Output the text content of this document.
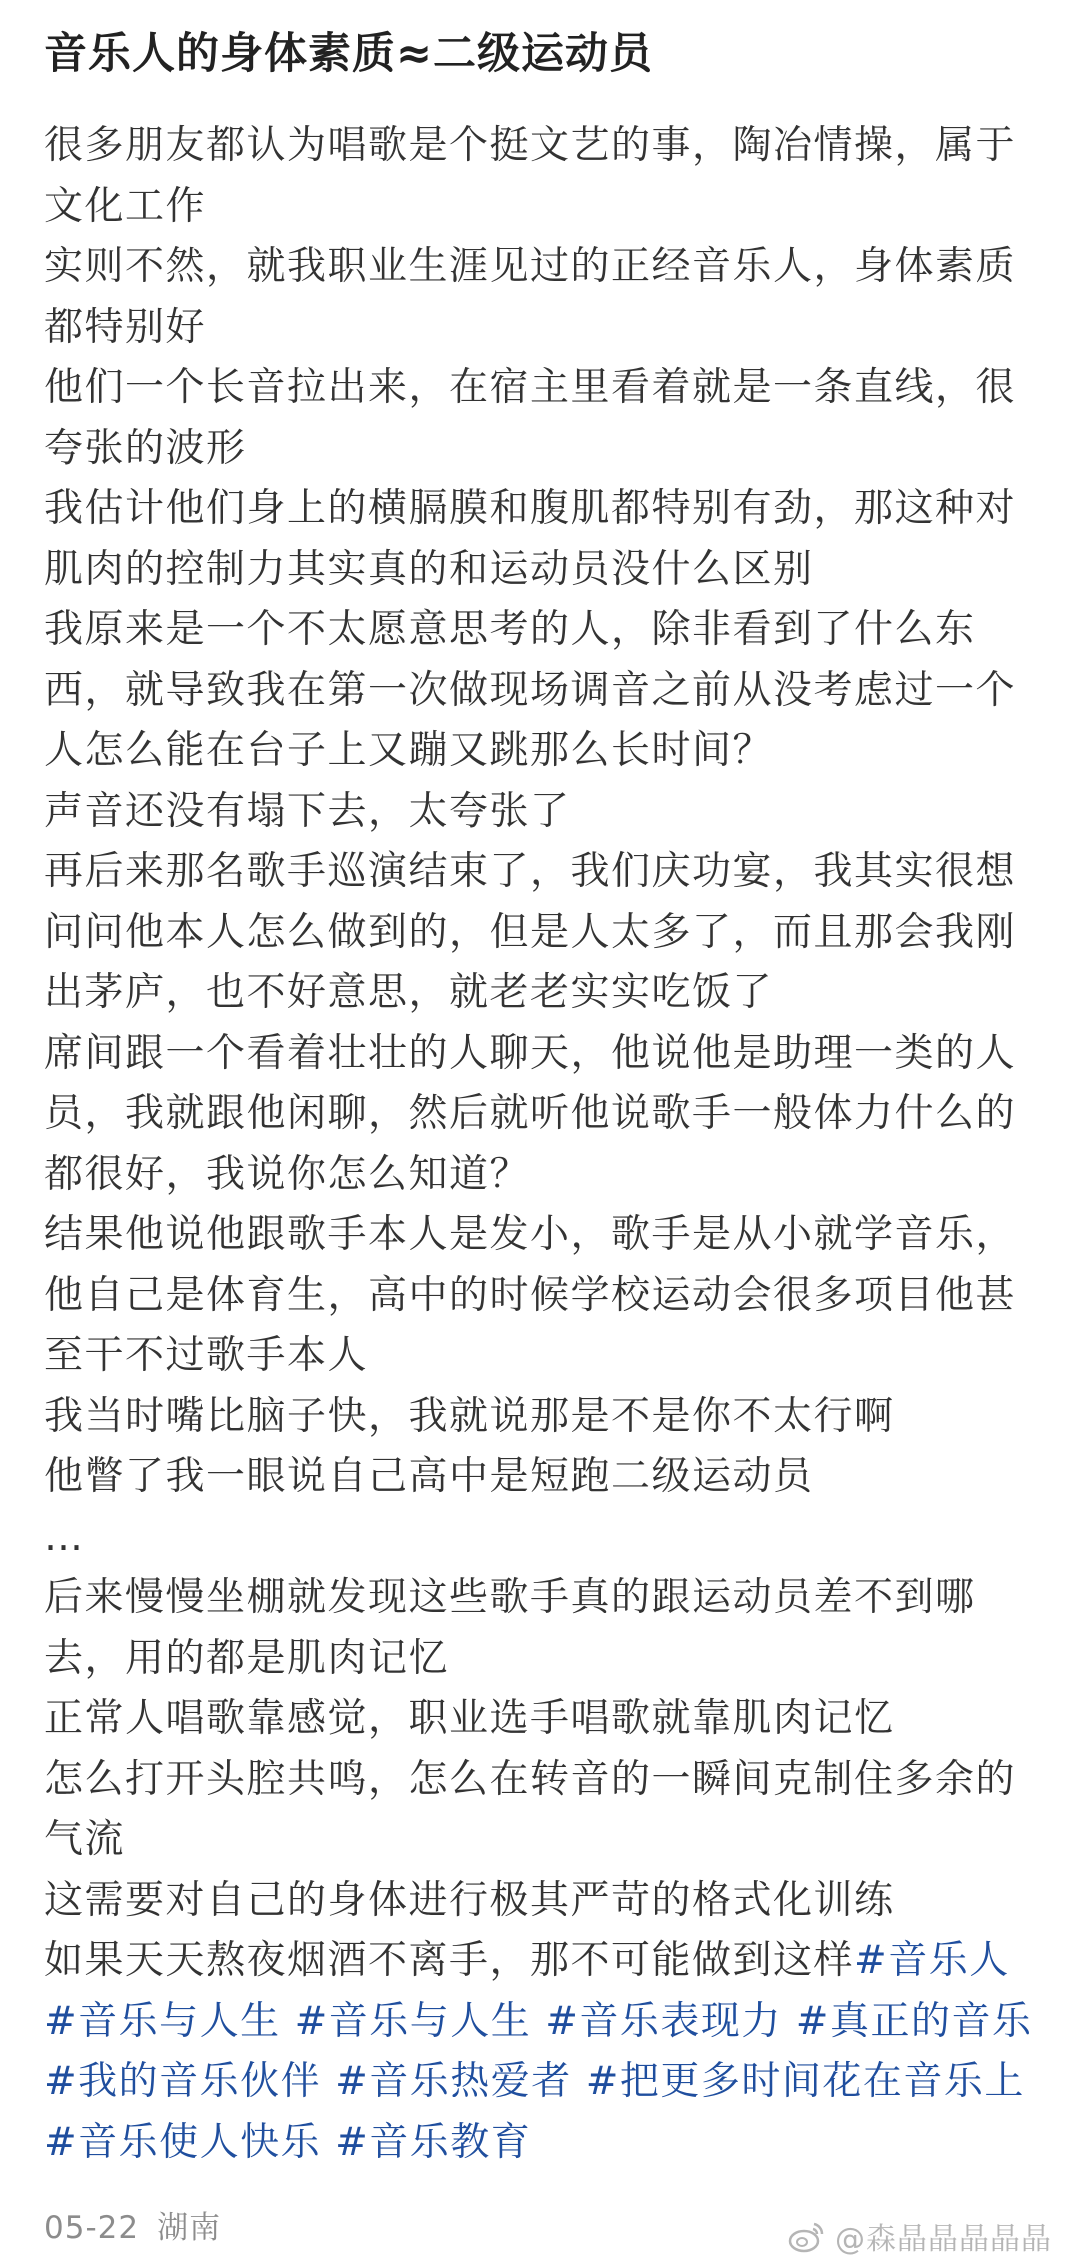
音乐人的身体素质≈二级运动员
很多朋友都认为唱歌是个挺文艺的事，陶冶情操，属于文化工作
实则不然，就我职业生涯见过的正经音乐人，身体素质都特别好
他们一个长音拉出来，在宿主里看着就是一条直线，很夸张的波形
我估计他们身上的横膈膜和腹肌都特别有劲，那这种对肌肉的控制力其实真的和运动员没什么区别
我原来是一个不太愿意思考的人，除非看到了什么东西，就导致我在第一次做现场调音之前从没考虑过一个人怎么能在台子上又蹦又跳那么长时间？
声音还没有塌下去，太夸张了
再后来那名歌手巡演结束了，我们庆功宴，我其实很想问问他本人怎么做到的，但是人太多了，而且那会我刚出茅庐，也不好意思，就老老实实吃饭了
席间跟一个看着壮壮的人聊天，他说他是助理一类的人员，我就跟他闲聊，然后就听他说歌手一般体力什么的都很好，我说你怎么知道？
结果他说他跟歌手本人是发小，歌手是从小就学音乐，他自己是体育生，高中的时候学校运动会很多项目他甚至干不过歌手本人
我当时嘴比脑子快，我就说那是不是你不太行啊
他瞥了我一眼说自己高中是短跑二级运动员
…
后来慢慢坐棚就发现这些歌手真的跟运动员差不到哪去，用的都是肌肉记忆
正常人唱歌靠感觉，职业选手唱歌就靠肌肉记忆
怎么打开头腔共鸣，怎么在转音的一瞬间克制住多余的气流
这需要对自己的身体进行极其严苛的格式化训练
如果天天熬夜烟酒不离手，那不可能做到这样#音乐人 #音乐与人生 #音乐与人生 #音乐表现力 #真正的音乐 #我的音乐伙伴 #音乐热爱者 #把更多时间花在音乐上 #音乐使人快乐 #音乐教育
05-22 湖南	@森晶晶晶晶晶
